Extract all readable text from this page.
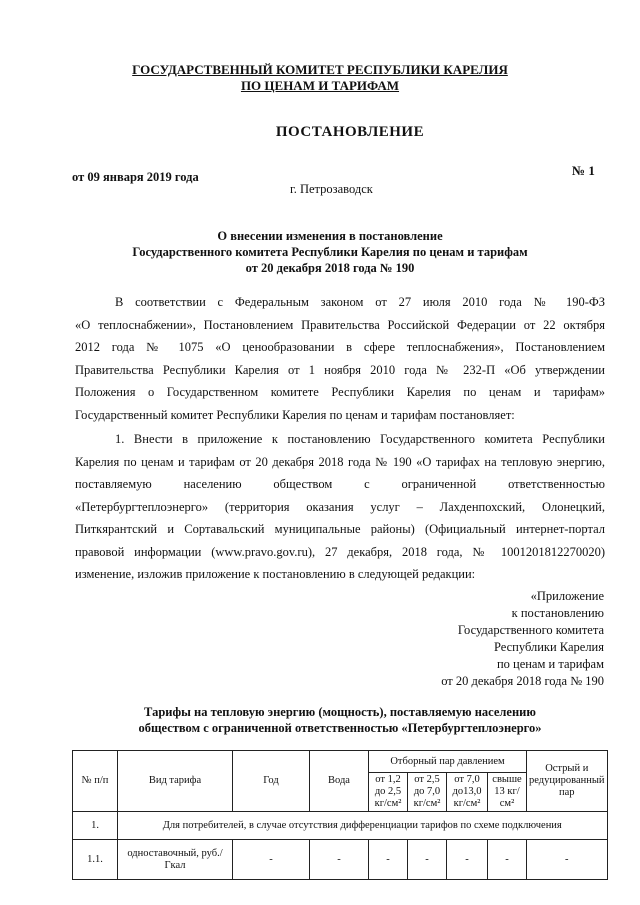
ГОСУДАРСТВЕННЫЙ КОМИТЕТ РЕСПУБЛИКИ КАРЕЛИЯ
ПО ЦЕНАМ И ТАРИФАМ
ПОСТАНОВЛЕНИЕ
от 09 января 2019 года	№ 1
г. Петрозаводск
О внесении изменения в постановление
Государственного комитета Республики Карелия по ценам и тарифам
от 20 декабря 2018 года № 190
В соответствии с Федеральным законом от 27 июля 2010 года № 190-ФЗ
«О теплоснабжении», Постановлением Правительства Российской Федерации от 22 октября
2012 года № 1075 «О ценообразовании в сфере теплоснабжения», Постановлением
Правительства Республики Карелия от 1 ноября 2010 года № 232-П «Об утверждении
Положения о Государственном комитете Республики Карелия по ценам и тарифам»
Государственный комитет Республики Карелия по ценам и тарифам постановляет:
1. Внести в приложение к постановлению Государственного комитета Республики
Карелия по ценам и тарифам от 20 декабря 2018 года № 190 «О тарифах на тепловую энергию,
поставляемую населению обществом с ограниченной ответственностью
«Петербургтеплоэнерго» (территория оказания услуг – Лахденпохский, Олонецкий,
Питкярантский и Сортавальский муниципальные районы) (Официальный интернет-портал
правовой информации (www.pravo.gov.ru), 27 декабря, 2018 года, № 1001201812270020)
изменение, изложив приложение к постановлению в следующей редакции:
«Приложение
к постановлению
Государственного комитета
Республики Карелия
по ценам и тарифам
от 20 декабря 2018 года № 190
Тарифы на тепловую энергию (мощность), поставляемую населению
обществом с ограниченной ответственностью «Петербургтеплоэнерго»
№ п/п	Вид тарифа	Год	Вода	Отборный пар давлением				Острый и редуцированный пар
				от 1,2 до 2,5 кг/см²	от 2,5 до 7,0 кг/см²	от 7,0 до13,0 кг/см²	свыше 13 кг/см²	
1.	Для потребителей, в случае отсутствия дифференциации тарифов по схеме подключения							
1.1.	одноставочный, руб./Гкал	-	-	-	-	-	-	-
